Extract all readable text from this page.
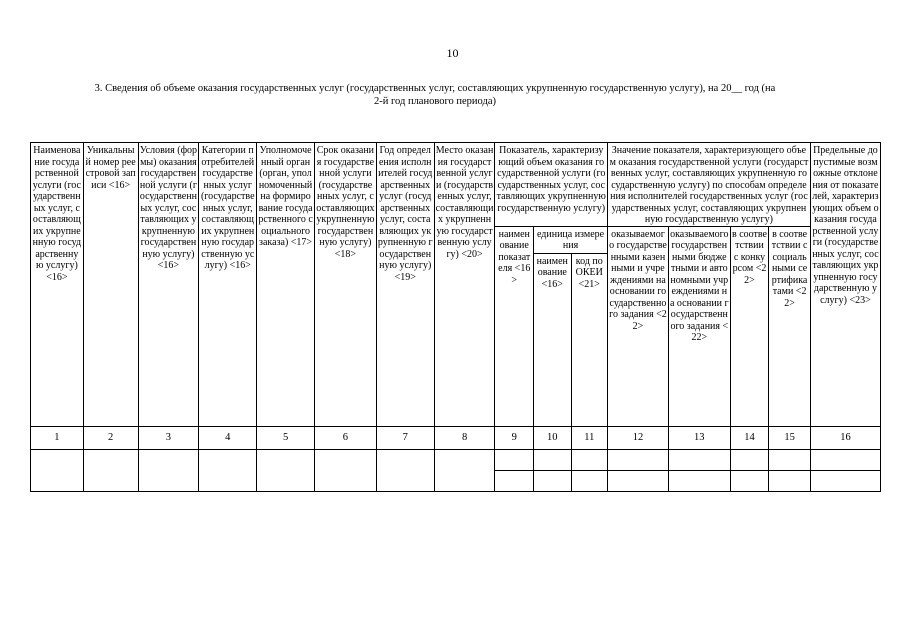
10
3. Сведения об объеме оказания государственных услуг (государственных услуг, составляющих укрупненную государственную услугу), на 20__ год (на
2-й год планового периода)
Наименование государственной услуги (государственных услуг, составляющих укрупненную государственную услугу) <16>	Уникальный номер реестровой записи <16>	Условия (формы) оказания государственной услуги (государственных услуг, составляющих укрупненную государственную услугу) <16>	Категории потребителей государственных услуг (государственных услуг, составляющих укрупненную государственную услугу) <16>	Уполномоченный орган (орган, уполномоченный на формирование государственного социального заказа) <17>	Срок оказания государственной услуги (государственных услуг, составляющих укрупненную государственную услугу) <18>	Год определения исполнителей государственных услуг (государственных услуг, составляющих укрупненную государственную услугу) <19>	Место оказания государственной услуги (государственных услуг, составляющих укрупненную государственную услугу) <20>	Показатель, характеризующий объем оказания государственной услуги (государственных услуг, составляющих укрупненную государственную услугу)			Значение показателя, характеризующего объем оказания государственной услуги (государственных услуг, составляющих укрупненную государственную услугу) по способам определения исполнителей государственных услуг (государственных услуг, составляющих укрупненную государственную услугу)				Предельные допустимые возможные отклонения от показателей, характеризующих объем оказания государственной услуги (государственных услуг, составляющих укрупненную государственную услугу) <23>
								наименование показателя <16>	единица измерения		оказываемого государственными казенными и учреждениями на основании государственного задания <22>	оказываемого государственными бюджетными и автономными учреждениями на основании государственного задания <22>	в соответствии с конкурсом <22>	в соответствии с социальными сертификатами <22>	
									наименование <16>	код по ОКЕИ <21>					
1	2	3	4	5	6	7	8	9	10	11	12	13	14	15	16
